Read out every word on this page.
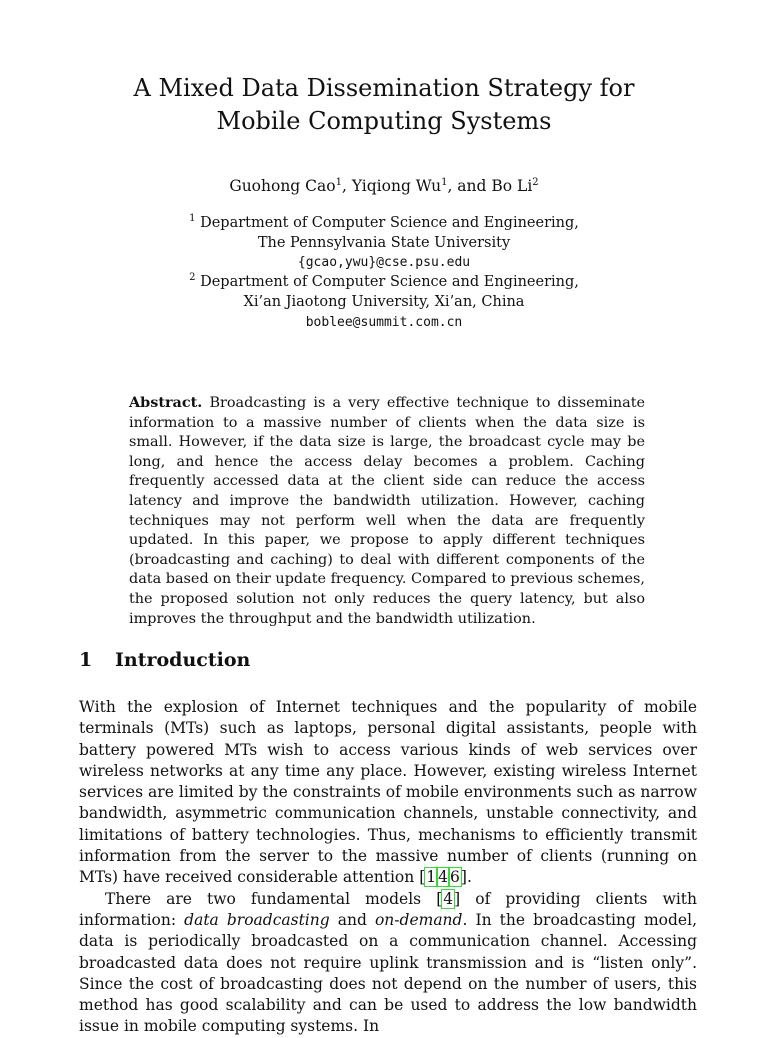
A Mixed Data Dissemination Strategy for
Mobile Computing Systems
Guohong Cao$^1$, Yiqiong Wu$^1$, and Bo Li$^2$
$^1$ Department of Computer Science and Engineering,
The Pennsylvania State University
{gcao,ywu}@cse.psu.edu
$^2$ Department of Computer Science and Engineering,
Xi’an Jiaotong University, Xi’an, China
boblee@summit.com.cn
Abstract. Broadcasting is a very effective technique to disseminate information to a massive number of clients when the data size is small. However, if the data size is large, the broadcast cycle may be long, and hence the access delay becomes a problem. Caching frequently accessed data at the client side can reduce the access latency and improve the bandwidth utilization. However, caching techniques may not perform well when the data are frequently updated. In this paper, we propose to apply different techniques (broadcasting and caching) to deal with different components of the data based on their update frequency. Compared to previous schemes, the proposed solution not only reduces the query latency, but also improves the throughput and the bandwidth utilization.
1 Introduction

With the explosion of Internet techniques and the popularity of mobile terminals (MTs) such as laptops, personal digital assistants, people with battery powered MTs wish to access various kinds of web services over wireless networks at any time any place. However, existing wireless Internet services are limited by the constraints of mobile environments such as narrow bandwidth, asymmetric communication channels, unstable connectivity, and limitations of battery technologies. Thus, mechanisms to efficiently transmit information from the server to the massive number of clients (running on MTs) have received considerable attention [1 4 6].

There are two fundamental models [4] of providing clients with information: data broadcasting and on-demand. In the broadcasting model, data is periodically broadcasted on a communication channel. Accessing broadcasted data does not require uplink transmission and is “listen only”. Since the cost of broadcasting does not depend on the number of users, this method has good scalability and can be used to address the low bandwidth issue in mobile computing systems. In
